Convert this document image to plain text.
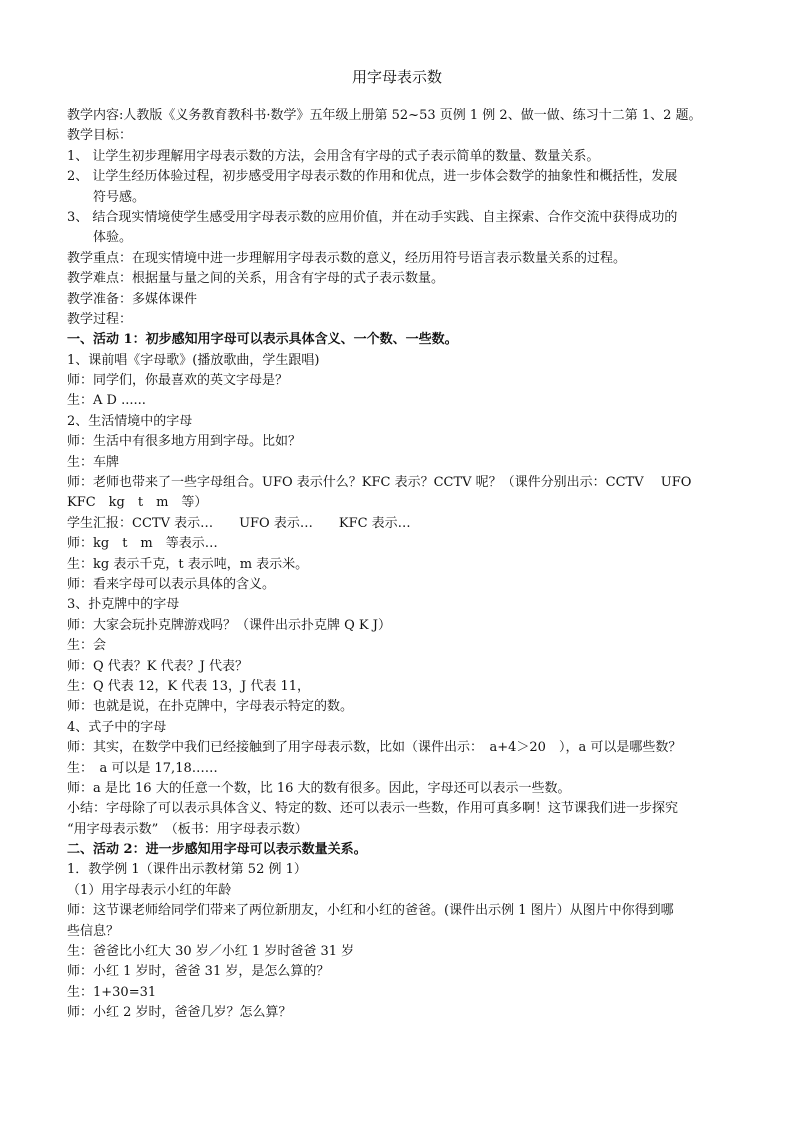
用字母表示数

教学内容:人教版《义务教育教科书·数学》五年级上册第 52~53 页例 1 例 2、做一做、练习十二第 1、2 题。

教学目标：

1、 让学生初步理解用字母表示数的方法，会用含有字母的式子表示简单的数量、数量关系。

2、 让学生经历体验过程，初步感受用字母表示数的作用和优点，进一步体会数学的抽象性和概括性，发展

符号感。

3、 结合现实情境使学生感受用字母表示数的应用价值，并在动手实践、自主探索、合作交流中获得成功的

体验。

教学重点：在现实情境中进一步理解用字母表示数的意义，经历用符号语言表示数量关系的过程。

教学难点：根据量与量之间的关系，用含有字母的式子表示数量。

教学准备：多媒体课件

教学过程：

一、活动 1：初步感知用字母可以表示具体含义、一个数、一些数。

1、课前唱《字母歌》(播放歌曲，学生跟唱)

师：同学们，你最喜欢的英文字母是？

生：A D ......

2、生活情境中的字母

师：生活中有很多地方用到字母。比如？

生：车牌

师：老师也带来了一些字母组合。UFO 表示什么？KFC 表示？CCTV 呢？（课件分别出示：CCTV　 UFO

KFC　kg　t　m　等）

学生汇报：CCTV 表示…　　UFO 表示…　　KFC 表示…

师：kg　t　m　等表示…

生：kg 表示千克，t 表示吨，m 表示米。

师：看来字母可以表示具体的含义。

3、扑克牌中的字母

师：大家会玩扑克牌游戏吗？（课件出示扑克牌 Q K J）

生：会

师：Q 代表？K 代表？J 代表？

生：Q 代表 12，K 代表 13，J 代表 11，

师：也就是说，在扑克牌中，字母表示特定的数。

4、式子中的字母

师：其实，在数学中我们已经接触到了用字母表示数，比如（课件出示：　a+4＞20　），a 可以是哪些数？

生：　a 可以是 17,18……

师：a 是比 16 大的任意一个数，比 16 大的数有很多。因此，字母还可以表示一些数。

小结：字母除了可以表示具体含义、特定的数、还可以表示一些数，作用可真多啊！这节课我们进一步探究

“用字母表示数”　（板书：用字母表示数）

二、活动 2：进一步感知用字母可以表示数量关系。

1．教学例 1（课件出示教材第 52 例 1）

（1）用字母表示小红的年龄

师：这节课老师给同学们带来了两位新朋友，小红和小红的爸爸。(课件出示例 1 图片）从图片中你得到哪

些信息？

生：爸爸比小红大 30 岁／小红 1 岁时爸爸 31 岁

师：小红 1 岁时，爸爸 31 岁，是怎么算的？

生：1+30=31

师：小红 2 岁时，爸爸几岁？怎么算？
